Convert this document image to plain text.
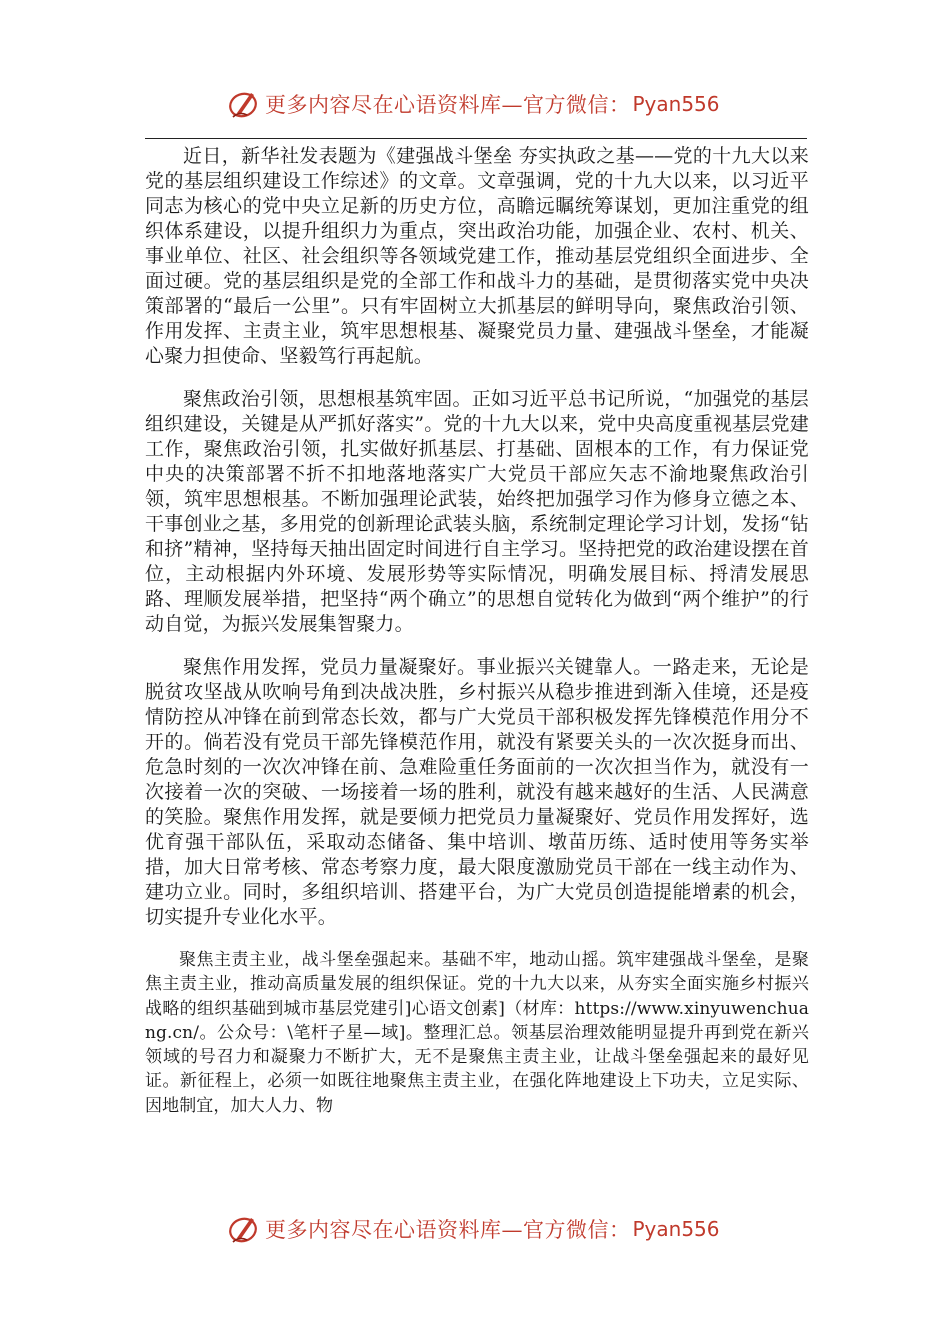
更多内容尽在心语资料库—官方微信： Pyan556

近日，新华社发表题为《建强战斗堡垒 夯实执政之基——党的十九大以来党的基层组织建设工作综述》的文章。文章强调，党的十九大以来，以习近平同志为核心的党中央立足新的历史方位，高瞻远瞩统筹谋划，更加注重党的组织体系建设，以提升组织力为重点，突出政治功能，加强企业、农村、机关、事业单位、社区、社会组织等各领域党建工作，推动基层党组织全面进步、全面过硬。党的基层组织是党的全部工作和战斗力的基础，是贯彻落实党中央决策部署的“最后一公里”。只有牢固树立大抓基层的鲜明导向，聚焦政治引领、作用发挥、主责主业，筑牢思想根基、凝聚党员力量、建强战斗堡垒，才能凝心聚力担使命、坚毅笃行再起航。

聚焦政治引领，思想根基筑牢固。正如习近平总书记所说，“加强党的基层组织建设，关键是从严抓好落实”。党的十九大以来，党中央高度重视基层党建工作，聚焦政治引领，扎实做好抓基层、打基础、固根本的工作，有力保证党中央的决策部署不折不扣地落地落实广大党员干部应矢志不渝地聚焦政治引领，筑牢思想根基。不断加强理论武装，始终把加强学习作为修身立德之本、干事创业之基，多用党的创新理论武装头脑，系统制定理论学习计划，发扬“钻和挤”精神，坚持每天抽出固定时间进行自主学习。坚持把党的政治建设摆在首位，主动根据内外环境、发展形势等实际情况，明确发展目标、捋清发展思路、理顺发展举措，把坚持“两个确立”的思想自觉转化为做到“两个维护”的行动自觉，为振兴发展集智聚力。

聚焦作用发挥，党员力量凝聚好。事业振兴关键靠人。一路走来，无论是脱贫攻坚战从吹响号角到决战决胜，乡村振兴从稳步推进到渐入佳境，还是疫情防控从冲锋在前到常态长效，都与广大党员干部积极发挥先锋模范作用分不开的。倘若没有党员干部先锋模范作用，就没有紧要关头的一次次挺身而出、危急时刻的一次次冲锋在前、急难险重任务面前的一次次担当作为，就没有一次接着一次的突破、一场接着一场的胜利，就没有越来越好的生活、人民满意的笑脸。聚焦作用发挥，就是要倾力把党员力量凝聚好、党员作用发挥好，选优育强干部队伍，采取动态储备、集中培训、墩苗历练、适时使用等务实举措，加大日常考核、常态考察力度，最大限度激励党员干部在一线主动作为、建功立业。同时，多组织培训、搭建平台，为广大党员创造提能增素的机会，切实提升专业化水平。

聚焦主责主业，战斗堡垒强起来。基础不牢，地动山摇。筑牢建强战斗堡垒，是聚焦主责主业，推动高质量发展的组织保证。党的十九大以来，从夯实全面实施乡村振兴战略的组织基础到城市基层党建引]心语文创素]（材库：https://www.xinyuwenchuang.cn/。公众号：\笔杆子星—域]。整理汇总。领基层治理效能明显提升再到党在新兴领域的号召力和凝聚力不断扩大，无不是聚焦主责主业，让战斗堡垒强起来的最好见证。新征程上，必须一如既往地聚焦主责主业，在强化阵地建设上下功夫，立足实际、因地制宜，加大人力、物

更多内容尽在心语资料库—官方微信： Pyan556
